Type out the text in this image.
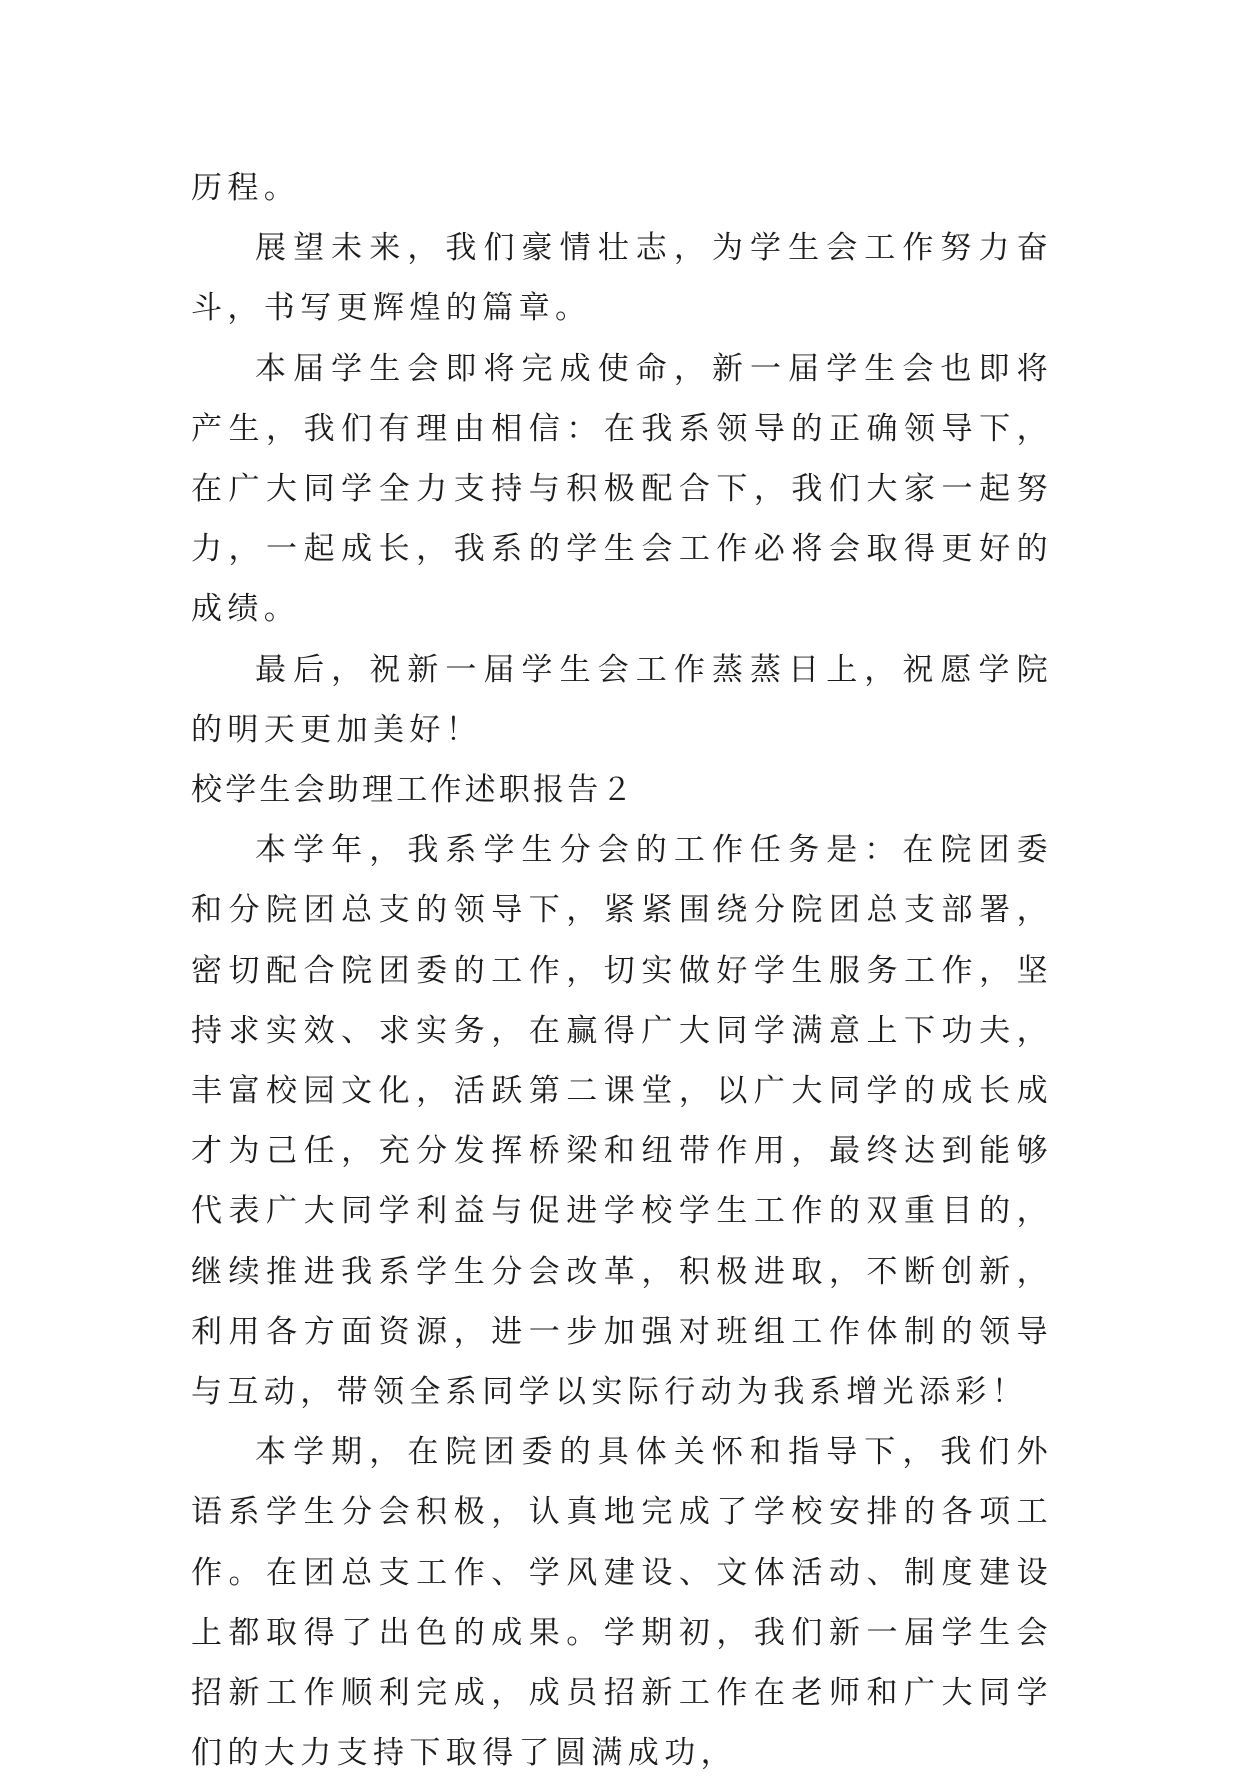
历程。

展望未来，我们豪情壮志，为学生会工作努力奋斗，书写更辉煌的篇章。

本届学生会即将完成使命，新一届学生会也即将产生，我们有理由相信：在我系领导的正确领导下，在广大同学全力支持与积极配合下，我们大家一起努力，一起成长，我系的学生会工作必将会取得更好的成绩。

最后，祝新一届学生会工作蒸蒸日上，祝愿学院的明天更加美好！

校学生会助理工作述职报告２

本学年，我系学生分会的工作任务是：在院团委和分院团总支的领导下，紧紧围绕分院团总支部署，密切配合院团委的工作，切实做好学生服务工作，坚持求实效、求实务，在赢得广大同学满意上下功夫，丰富校园文化，活跃第二课堂，以广大同学的成长成才为己任，充分发挥桥梁和纽带作用，最终达到能够代表广大同学利益与促进学校学生工作的双重目的，继续推进我系学生分会改革，积极进取，不断创新，利用各方面资源，进一步加强对班组工作体制的领导与互动，带领全系同学以实际行动为我系增光添彩！

本学期，在院团委的具体关怀和指导下，我们外语系学生分会积极，认真地完成了学校安排的各项工作。在团总支工作、学风建设、文体活动、制度建设上都取得了出色的成果。学期初，我们新一届学生会招新工作顺利完成，成员招新工作在老师和广大同学们的大力支持下取得了圆满成功，
